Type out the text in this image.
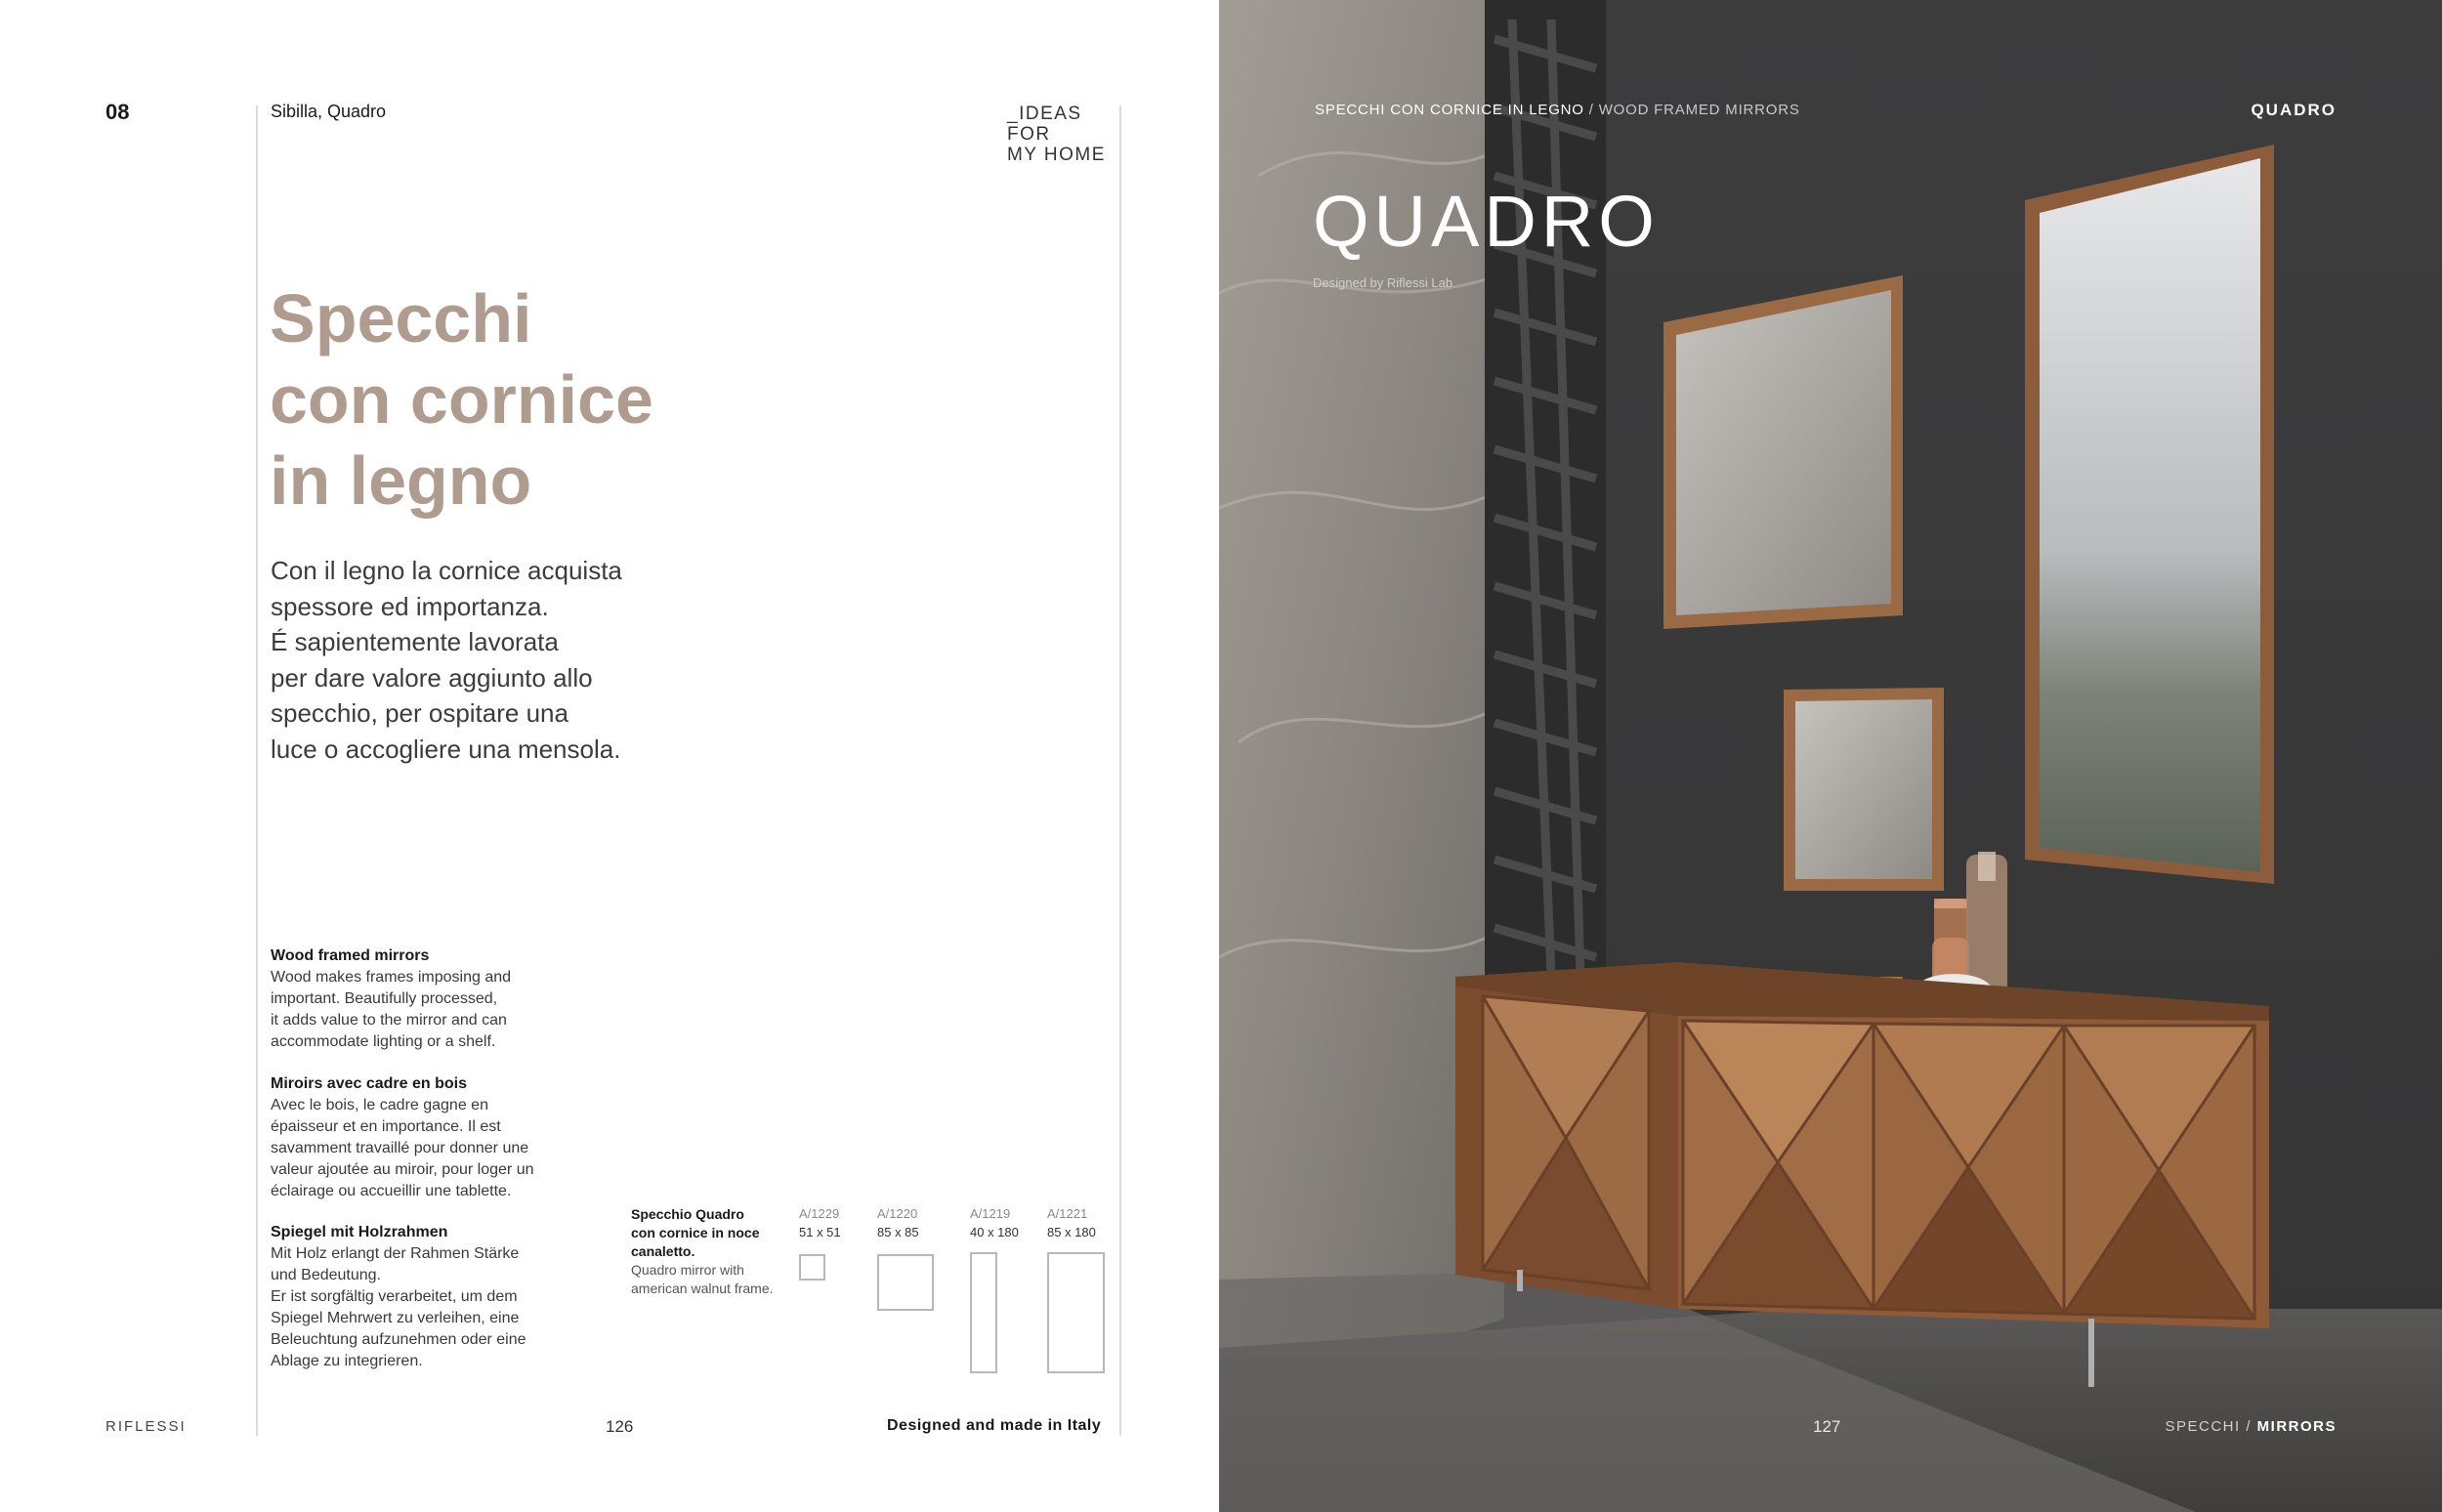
08	Sibilla, Quadro	_IDEAS
FOR
MY HOME
Specchi
con cornice
in legno
Con il legno la cornice acquista
spessore ed importanza.
É sapientemente lavorata
per dare valore aggiunto allo
specchio, per ospitare una
luce o accogliere una mensola.
Wood framed mirrors
Wood makes frames imposing and
important. Beautifully processed,
it adds value to the mirror and can
accommodate lighting or a shelf.
Miroirs avec cadre en bois
Avec le bois, le cadre gagne en
épaisseur et en importance. Il est
savamment travaillé pour donner une
valeur ajoutée au miroir, pour loger un
éclairage ou accueillir une tablette.
Spiegel mit Holzrahmen
Mit Holz erlangt der Rahmen Stärke
und Bedeutung.
Er ist sorgfältig verarbeitet, um dem
Spiegel Mehrwert zu verleihen, eine
Beleuchtung aufzunehmen oder eine
Ablage zu integrieren.
Specchio Quadro
con cornice in noce
canaletto.
Quadro mirror with
american walnut frame.
A/1229
51 x 51
A/1220
85 x 85
A/1219
40 x 180
A/1221
85 x 180
RIFLESSI	126	Designed and made in Italy
SPECCHI CON CORNICE IN LEGNO / WOOD FRAMED MIRRORS	QUADRO
QUADRO
Designed by Riflessi Lab
127	SPECCHI / MIRRORS
